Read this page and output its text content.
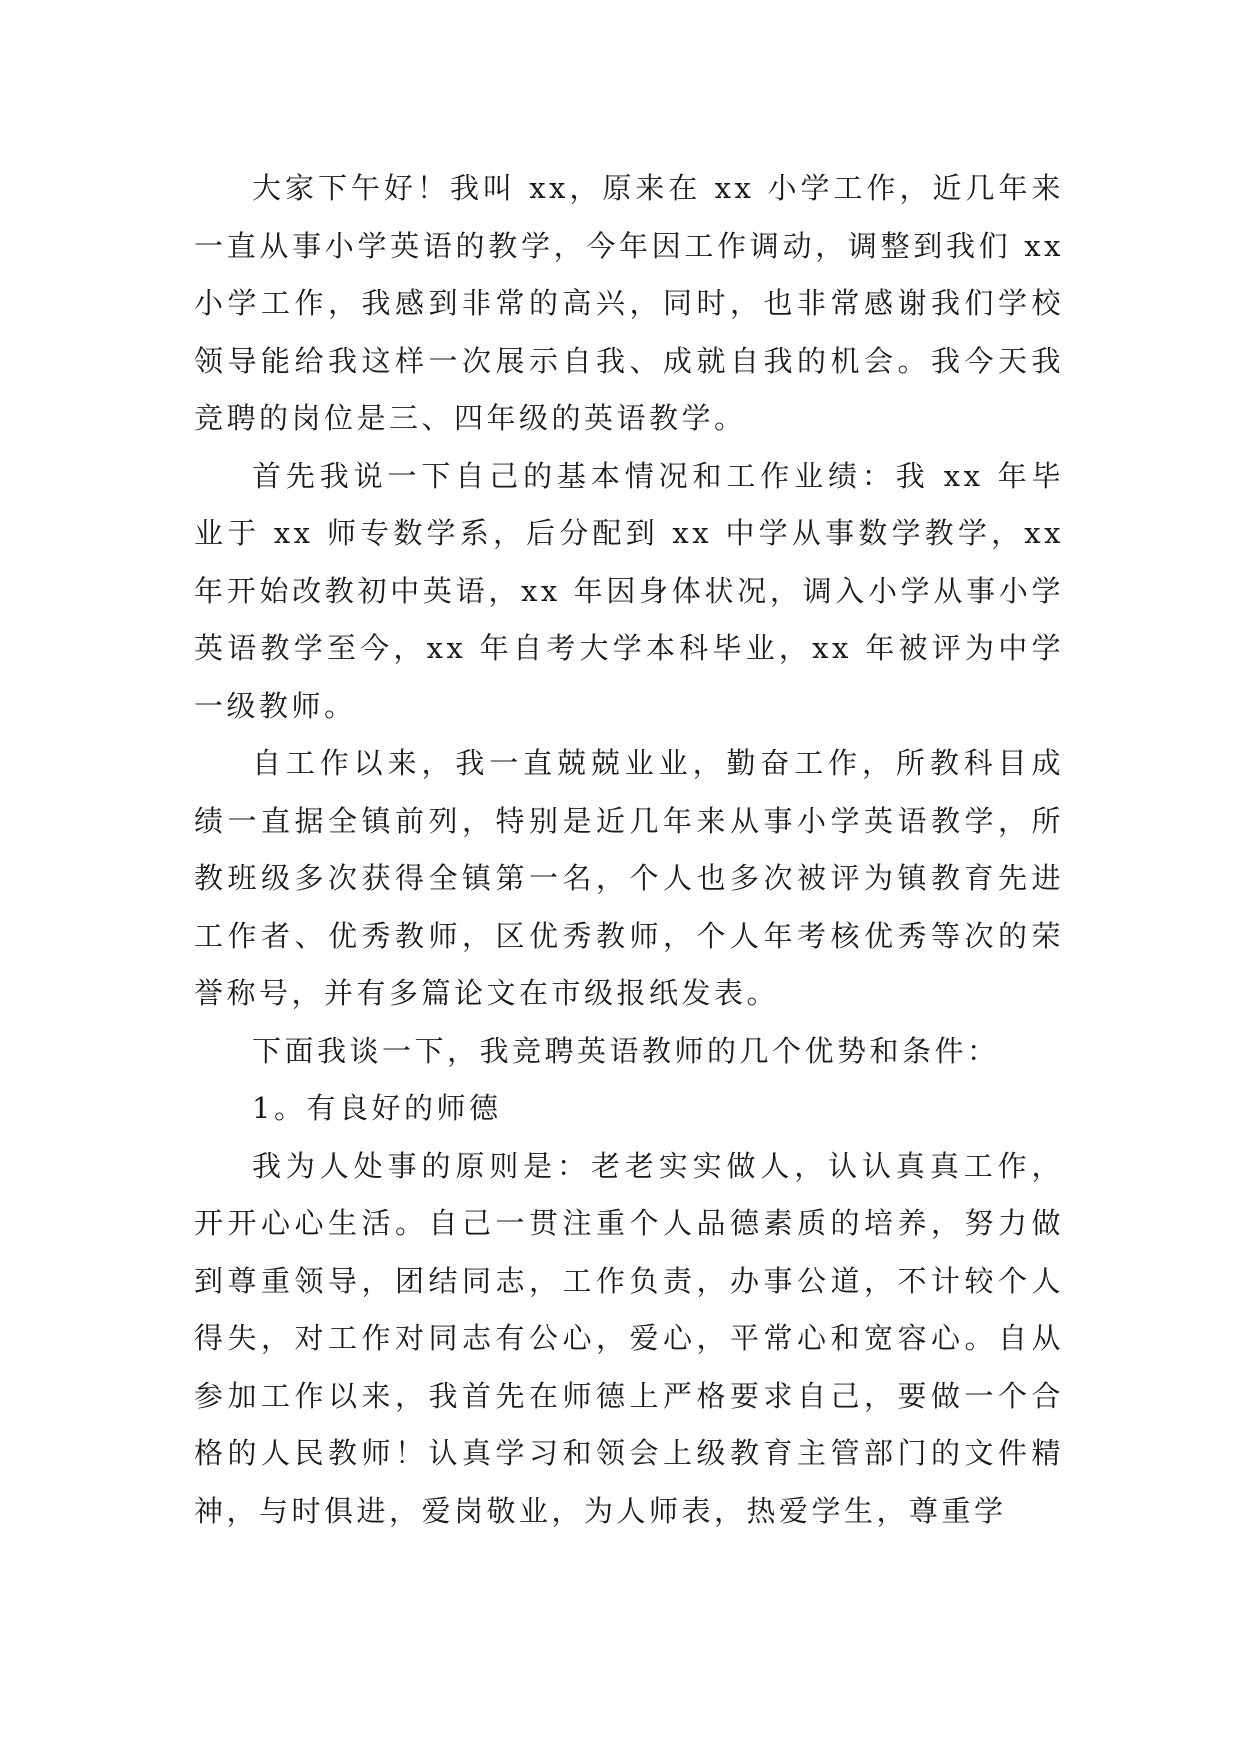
大家下午好！我叫 xx，原来在 xx 小学工作，近几年来一直从事小学英语的教学，今年因工作调动，调整到我们 xx 小学工作，我感到非常的高兴，同时，也非常感谢我们学校领导能给我这样一次展示自我、成就自我的机会。我今天我竞聘的岗位是三、四年级的英语教学。

首先我说一下自己的基本情况和工作业绩：我 xx 年毕业于 xx 师专数学系，后分配到 xx 中学从事数学教学，xx 年开始改教初中英语，xx 年因身体状况，调入小学从事小学英语教学至今，xx 年自考大学本科毕业，xx 年被评为中学一级教师。

自工作以来，我一直兢兢业业，勤奋工作，所教科目成绩一直据全镇前列，特别是近几年来从事小学英语教学，所教班级多次获得全镇第一名，个人也多次被评为镇教育先进工作者、优秀教师，区优秀教师，个人年考核优秀等次的荣誉称号，并有多篇论文在市级报纸发表。

下面我谈一下，我竞聘英语教师的几个优势和条件：

1。有良好的师德

我为人处事的原则是：老老实实做人，认认真真工作，开开心心生活。自己一贯注重个人品德素质的培养，努力做到尊重领导，团结同志，工作负责，办事公道，不计较个人得失，对工作对同志有公心，爱心，平常心和宽容心。自从参加工作以来，我首先在师德上严格要求自己，要做一个合格的人民教师！认真学习和领会上级教育主管部门的文件精神，与时俱进，爱岗敬业，为人师表，热爱学生，尊重学
